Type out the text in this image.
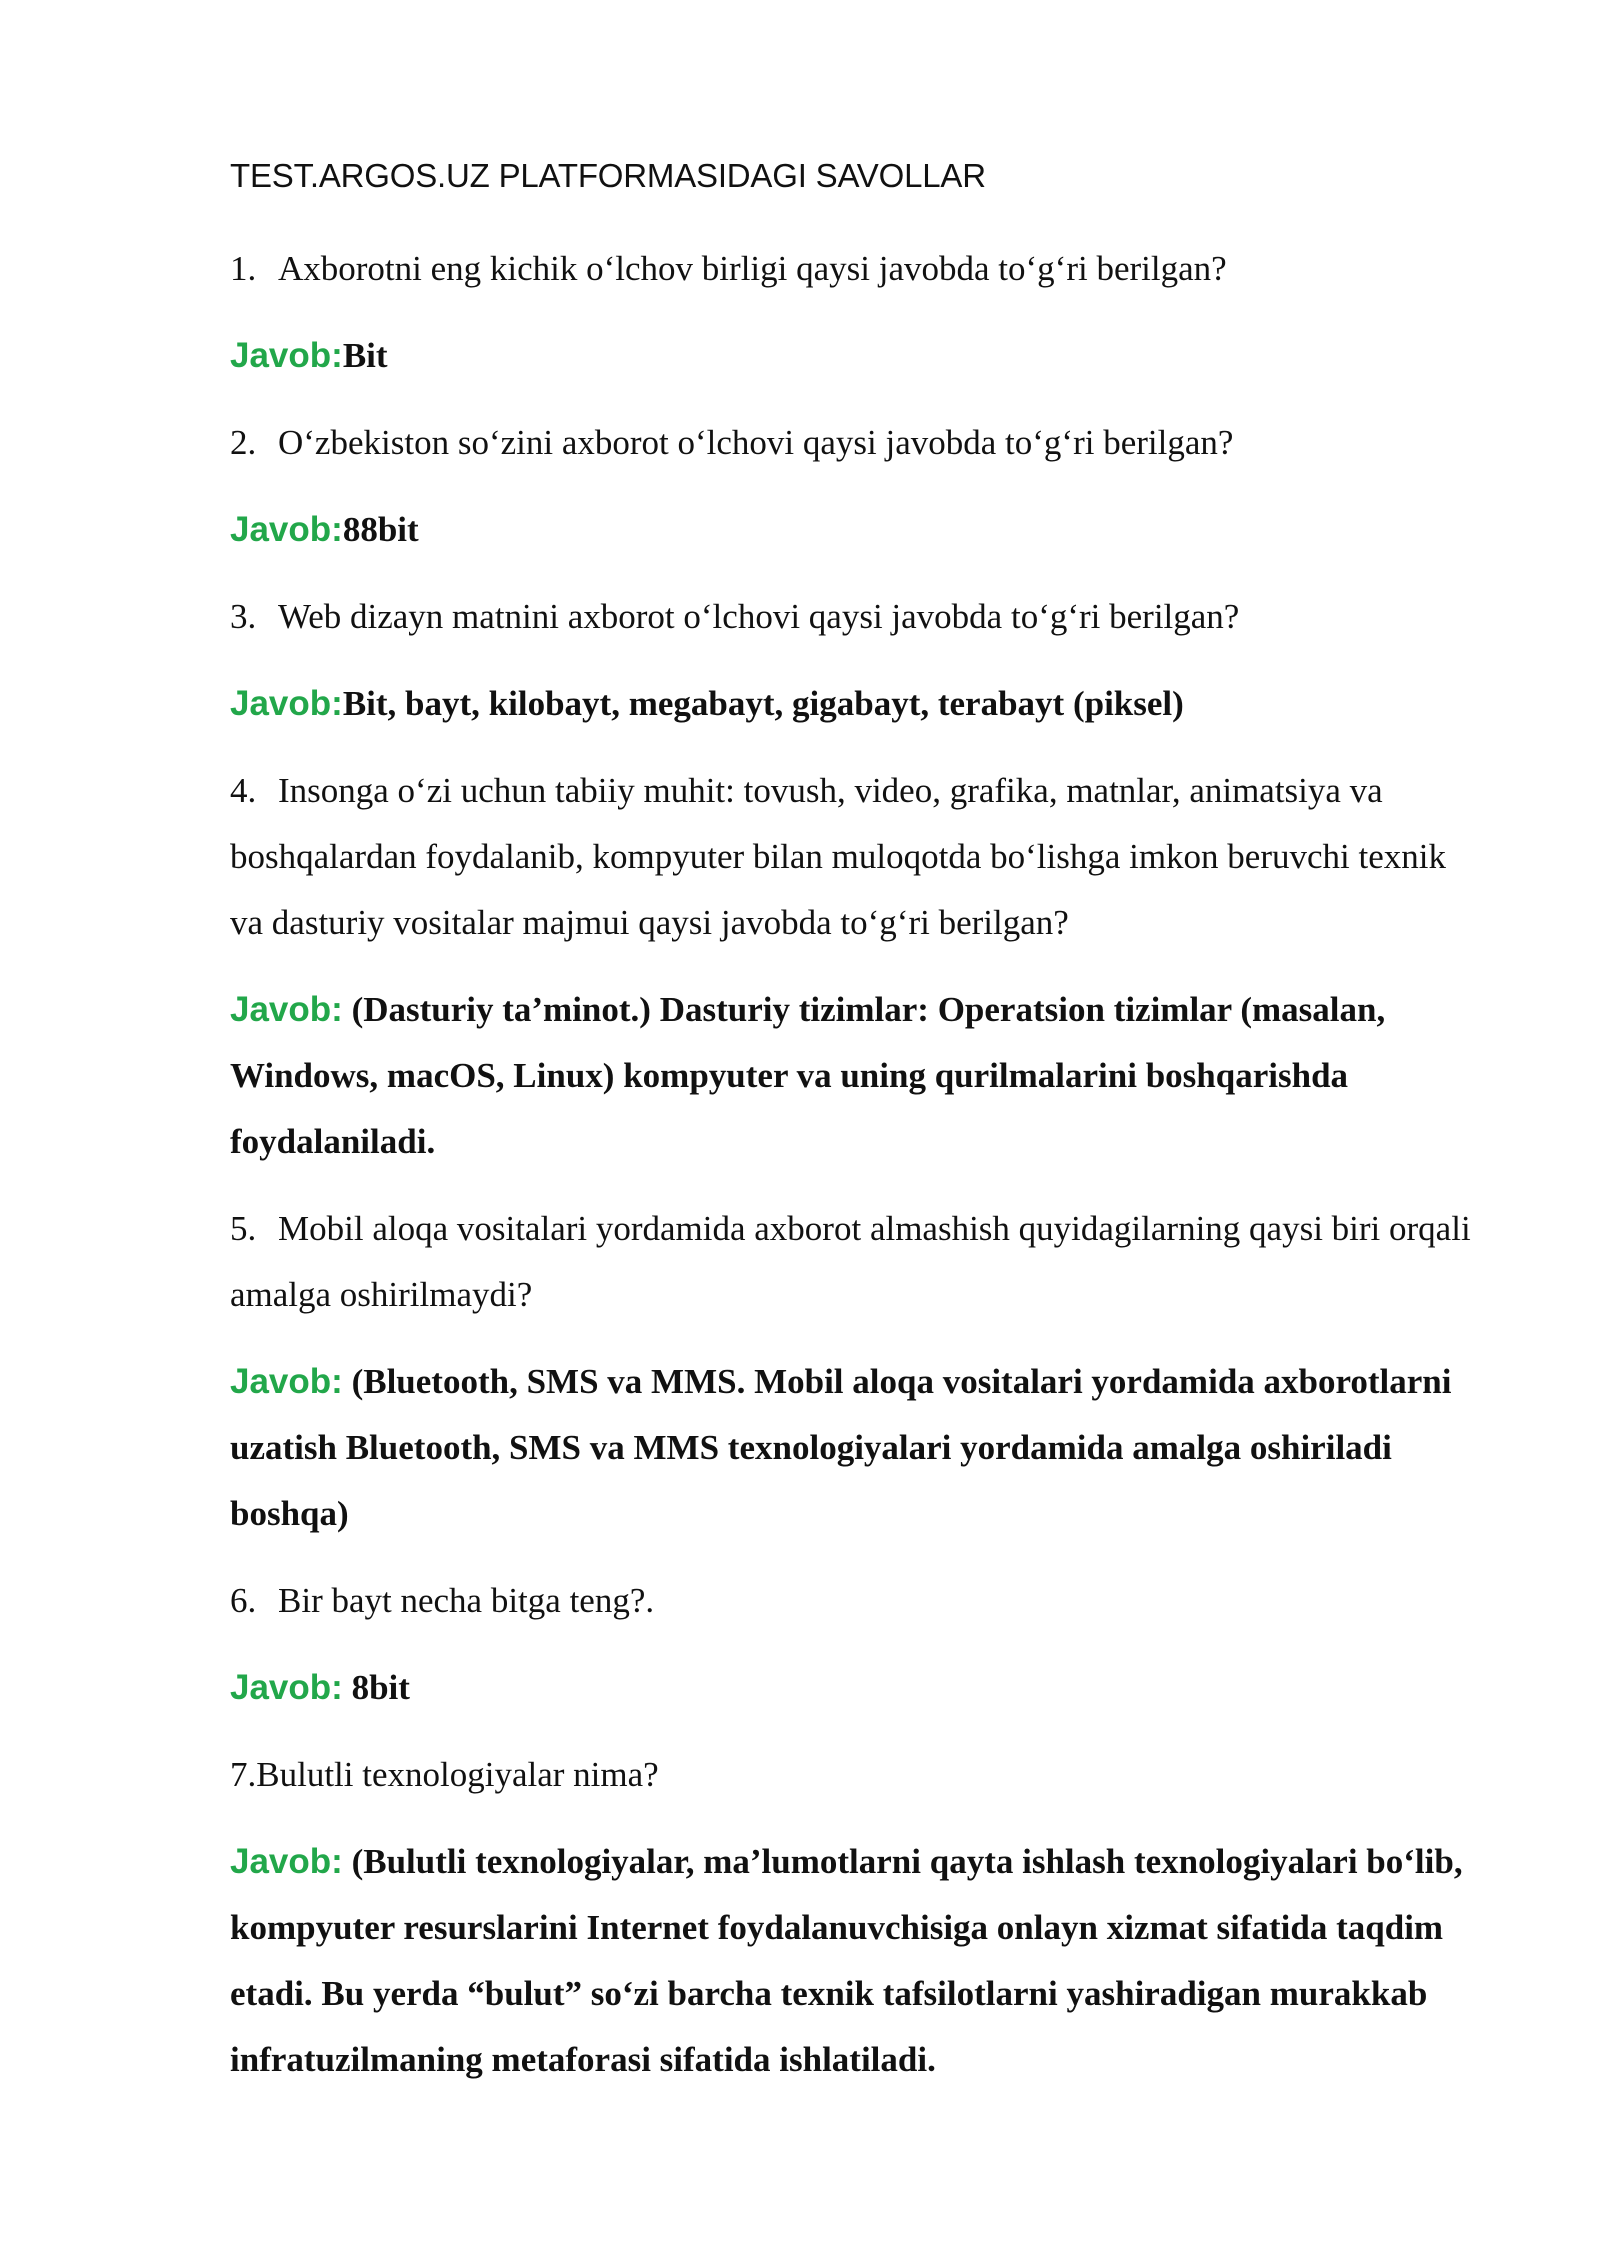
TEST.ARGOS.UZ PLATFORMASIDAGI SAVOLLAR
1. Axborotni eng kichik o‘lchov birligi qaysi javobda to‘g‘ri berilgan?
Javob:Bit
2. O‘zbekiston so‘zini axborot o‘lchovi qaysi javobda to‘g‘ri berilgan?
Javob:88bit
3. Web dizayn matnini axborot o‘lchovi qaysi javobda to‘g‘ri berilgan?
Javob:Bit, bayt, kilobayt, megabayt, gigabayt, terabayt (piksel)
4. Insonga o‘zi uchun tabiiy muhit: tovush, video, grafika, matnlar, animatsiya va boshqalardan foydalanib, kompyuter bilan muloqotda bo‘lishga imkon beruvchi texnik va dasturiy vositalar majmui qaysi javobda to‘g‘ri berilgan?
Javob: (Dasturiy ta’minot.) Dasturiy tizimlar: Operatsion tizimlar (masalan, Windows, macOS, Linux) kompyuter va uning qurilmalarini boshqarishda foydalaniladi.
5. Mobil aloqa vositalari yordamida axborot almashish quyidagilarning qaysi biri orqali amalga oshirilmaydi?
Javob: (Bluetooth, SMS va MMS. Mobil aloqa vositalari yordamida axborotlarni uzatish Bluetooth, SMS va MMS texnologiyalari yordamida amalga oshiriladi boshqa)
6. Bir bayt necha bitga teng?.
Javob: 8bit
7.Bulutli texnologiyalar nima?
Javob: (Bulutli texnologiyalar, ma’lumotlarni qayta ishlash texnologiyalari bo‘lib, kompyuter resurslarini Internet foydalanuvchisiga onlayn xizmat sifatida taqdim etadi. Bu yerda “bulut” so‘zi barcha texnik tafsilotlarni yashiradigan murakkab infratuzilmaning metaforasi sifatida ishlatiladi.
